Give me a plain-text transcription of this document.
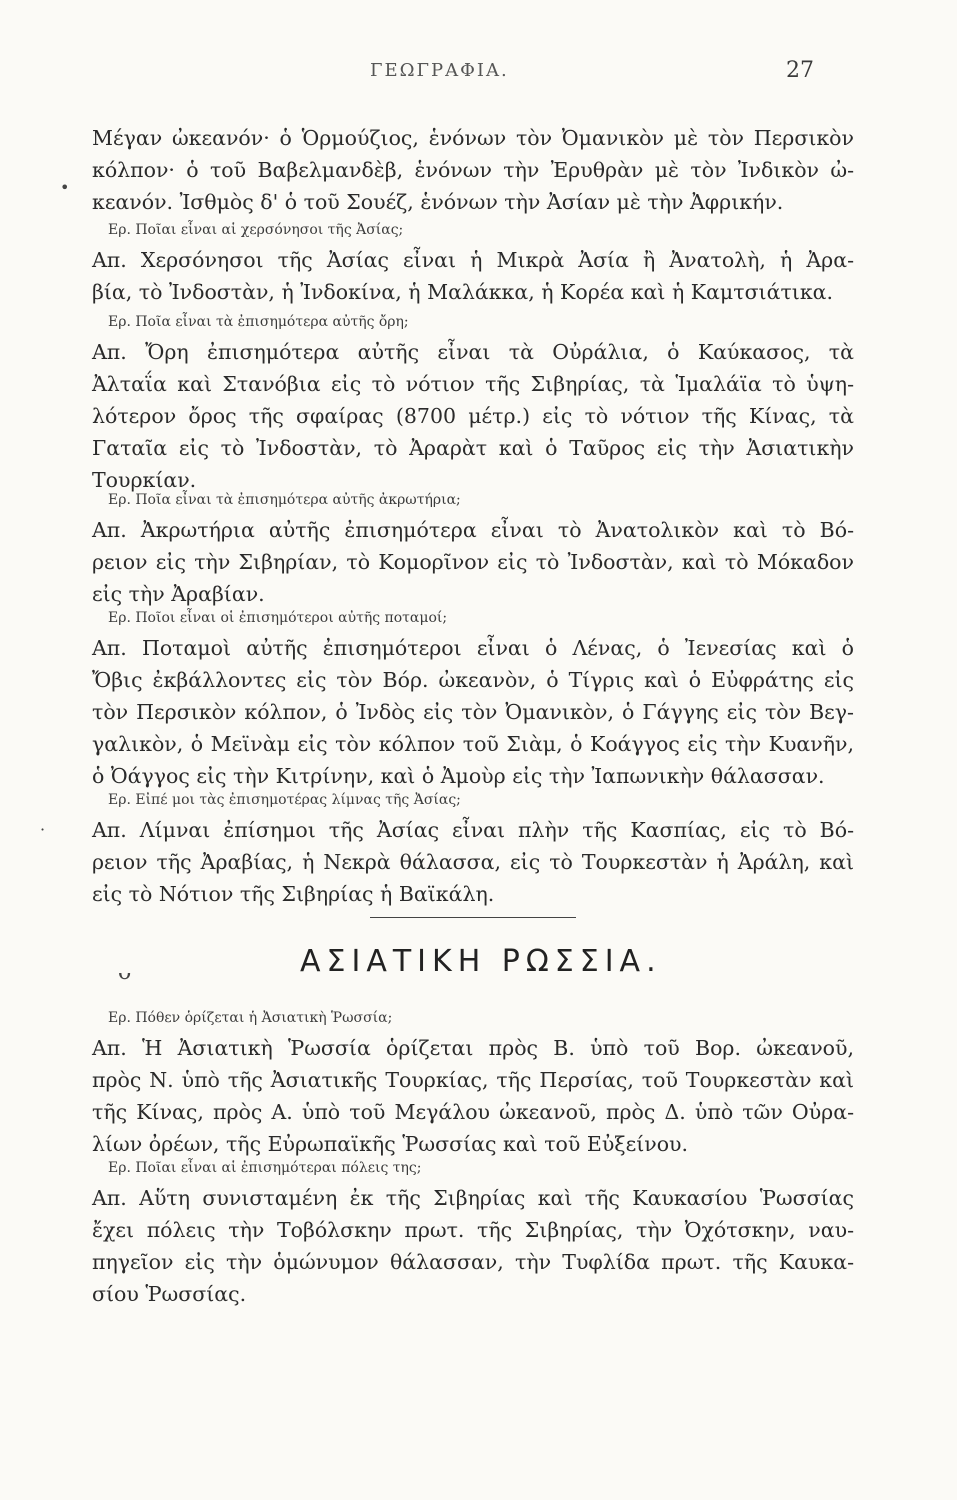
ΓΕΩΓΡΑΦΙΑ.	27
•
·
ᴗ
Μέγαν ὠκεανόν· ὁ Ὁρμούζιος, ἑνόνων τὸν Ὀμανικὸν μὲ τὸν Περσικὸν
κόλπον· ὁ τοῦ Βαβελμανδὲβ, ἑνόνων τὴν Ἐρυθρὰν μὲ τὸν Ἰνδικὸν ὠ-
κεανόν. Ἰσθμὸς δ' ὁ τοῦ Σουέζ, ἑνόνων τὴν Ἀσίαν μὲ τὴν Ἀφρικήν.
Ερ. Ποῖαι εἶναι αἱ χερσόνησοι τῆς Ἀσίας;
Απ. Χερσόνησοι τῆς Ἀσίας εἶναι ἡ Μικρὰ Ἀσία ἢ Ἀνατολὴ, ἡ Ἀρα-
βία, τὸ Ἰνδοστὰν, ἡ Ἰνδοκίνα, ἡ Μαλάκκα, ἡ Κορέα καὶ ἡ Καμτσιάτικα.
Ερ. Ποῖα εἶναι τὰ ἐπισημότερα αὐτῆς ὄρη;
Απ. Ὄρη ἐπισημότερα αὐτῆς εἶναι τὰ Οὐράλια, ὁ Καύκασος, τὰ
Ἀλταΐα καὶ Στανόβια εἰς τὸ νότιον τῆς Σιβηρίας, τὰ Ἱμαλάϊα τὸ ὑψη-
λότερον ὄρος τῆς σφαίρας (8700 μέτρ.) εἰς τὸ νότιον τῆς Κίνας, τὰ
Γαταῖα εἰς τὸ Ἰνδοστὰν, τὸ Ἀραρὰτ καὶ ὁ Ταῦρος εἰς τὴν Ἀσιατικὴν
Τουρκίαν.
Ερ. Ποῖα εἶναι τὰ ἐπισημότερα αὐτῆς ἀκρωτήρια;
Απ. Ἀκρωτήρια αὐτῆς ἐπισημότερα εἶναι τὸ Ἀνατολικὸν καὶ τὸ Βό-
ρειον εἰς τὴν Σιβηρίαν, τὸ Κομορῖνον εἰς τὸ Ἰνδοστὰν, καὶ τὸ Μόκαδον
εἰς τὴν Ἀραβίαν.
Ερ. Ποῖοι εἶναι οἱ ἐπισημότεροι αὐτῆς ποταμοί;
Απ. Ποταμοὶ αὐτῆς ἐπισημότεροι εἶναι ὁ Λένας, ὁ Ἰενεσίας καὶ ὁ
Ὄβις ἐκβάλλοντες εἰς τὸν Βόρ. ὠκεανὸν, ὁ Τίγρις καὶ ὁ Εὐφράτης εἰς
τὸν Περσικὸν κόλπον, ὁ Ἰνδὸς εἰς τὸν Ὀμανικὸν, ὁ Γάγγης εἰς τὸν Βεγ-
γαλικὸν, ὁ Μεϊνὰμ εἰς τὸν κόλπον τοῦ Σιὰμ, ὁ Κοάγγος εἰς τὴν Κυανῆν,
ὁ Ὀάγγος εἰς τὴν Κιτρίνην, καὶ ὁ Ἀμοὺρ εἰς τὴν Ἰαπωνικὴν θάλασσαν.
Ερ. Εἰπέ μοι τὰς ἐπισημοτέρας λίμνας τῆς Ἀσίας;
Απ. Λίμναι ἐπίσημοι τῆς Ἀσίας εἶναι πλὴν τῆς Κασπίας, εἰς τὸ Βό-
ρειον τῆς Ἀραβίας, ἡ Νεκρὰ θάλασσα, εἰς τὸ Τουρκεστὰν ἡ Ἀράλη, καὶ
εἰς τὸ Νότιον τῆς Σιβηρίας ἡ Βαϊκάλη.
ΑΣΙΑΤΙΚΗ ΡΩΣΣΙΑ.
Ερ. Πόθεν ὁρίζεται ἡ Ἀσιατικὴ Ῥωσσία;
Απ. Ἡ Ἀσιατικὴ Ῥωσσία ὁρίζεται πρὸς Β. ὑπὸ τοῦ Βορ. ὠκεανοῦ,
πρὸς Ν. ὑπὸ τῆς Ἀσιατικῆς Τουρκίας, τῆς Περσίας, τοῦ Τουρκεστὰν καὶ
τῆς Κίνας, πρὸς Α. ὑπὸ τοῦ Μεγάλου ὠκεανοῦ, πρὸς Δ. ὑπὸ τῶν Οὐρα-
λίων ὀρέων, τῆς Εὐρωπαϊκῆς Ῥωσσίας καὶ τοῦ Εὐξείνου.
Ερ. Ποῖαι εἶναι αἱ ἐπισημότεραι πόλεις της;
Απ. Αὕτη συνισταμένη ἐκ τῆς Σιβηρίας καὶ τῆς Καυκασίου Ῥωσσίας
ἔχει πόλεις τὴν Τοβόλσκην πρωτ. τῆς Σιβηρίας, τὴν Ὀχότσκην, ναυ-
πηγεῖον εἰς τὴν ὁμώνυμον θάλασσαν, τὴν Τυφλίδα πρωτ. τῆς Καυκα-
σίου Ῥωσσίας.
